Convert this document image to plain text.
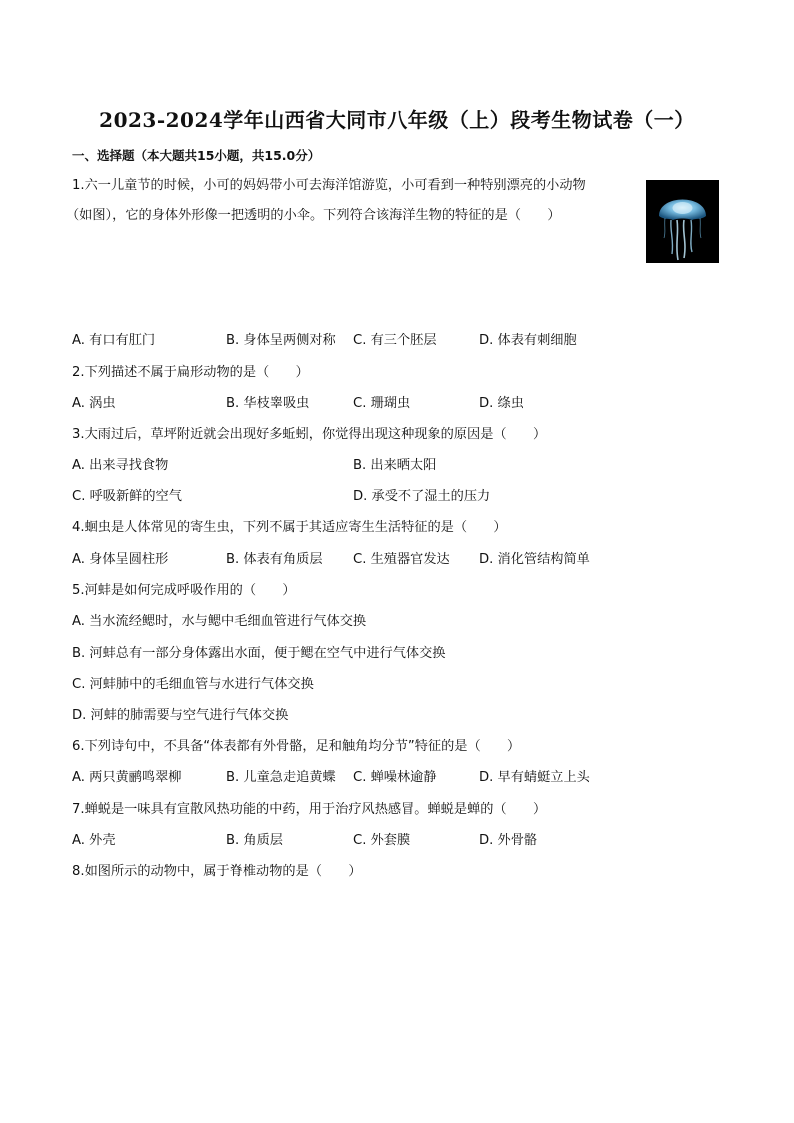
2023-2024学年山西省大同市八年级（上）段考生物试卷（一）
一、选择题（本大题共15小题，共15.0分）
1.六一儿童节的时候，小可的妈妈带小可去海洋馆游览，小可看到一种特别漂亮的小动物
（如图），它的身体外形像一把透明的小伞。下列符合该海洋生物的特征的是（　　）
A. 有口有肛门	B. 身体呈两侧对称 C. 有三个胚层	D. 体表有刺细胞
2.下列描述不属于扁形动物的是（　　）
A. 涡虫	B. 华枝睾吸虫	C. 珊瑚虫	D. 绦虫
3.大雨过后，草坪附近就会出现好多蚯蚓，你觉得出现这种现象的原因是（　　）
A. 出来寻找食物	B. 出来晒太阳
C. 呼吸新鲜的空气	D. 承受不了湿土的压力
4.蛔虫是人体常见的寄生虫，下列不属于其适应寄生生活特征的是（　　）
A. 身体呈圆柱形	B. 体表有角质层 C. 生殖器官发达 D. 消化管结构简单
5.河蚌是如何完成呼吸作用的（　　）
A. 当水流经鳃时，水与鳃中毛细血管进行气体交换
B. 河蚌总有一部分身体露出水面，便于鳃在空气中进行气体交换
C. 河蚌肺中的毛细血管与水进行气体交换
D. 河蚌的肺需要与空气进行气体交换
6.下列诗句中，不具备“体表都有外骨骼，足和触角均分节”特征的是（　　）
A. 两只黄鹂鸣翠柳	B. 儿童急走追黄蝶 C. 蝉噪林逾静	D. 早有蜻蜓立上头
7.蝉蜕是一味具有宣散风热功能的中药，用于治疗风热感冒。蝉蜕是蝉的（　　）
A. 外壳	B. 角质层	C. 外套膜	D. 外骨骼
8.如图所示的动物中，属于脊椎动物的是（　　）
